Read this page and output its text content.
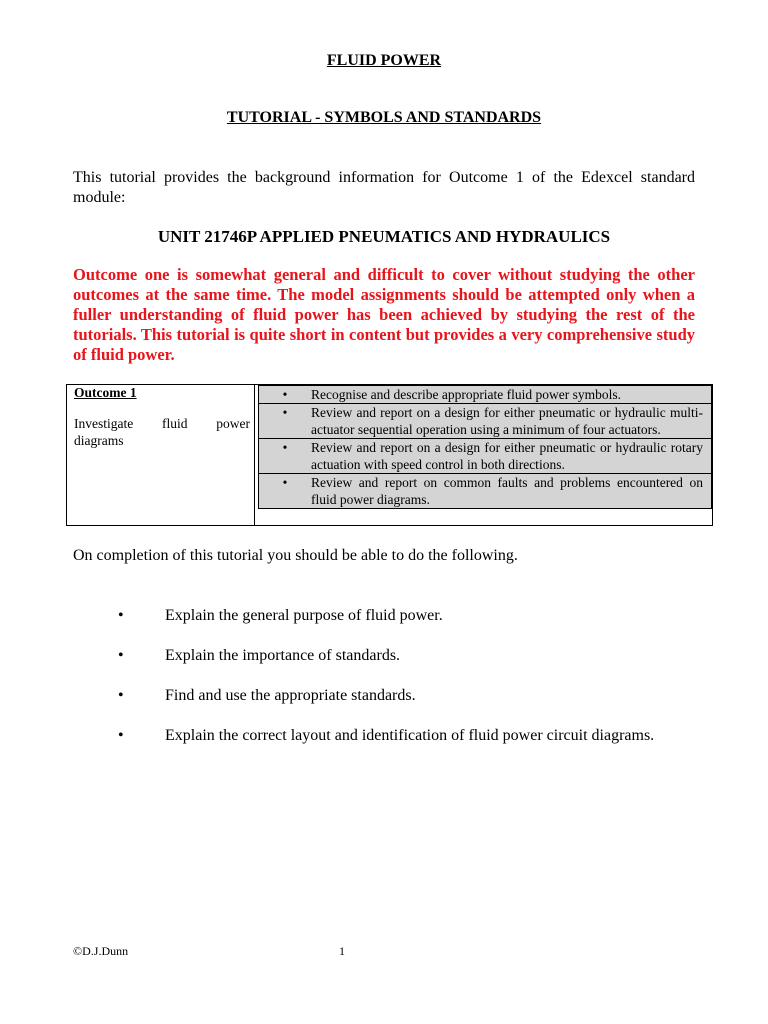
FLUID POWER
TUTORIAL - SYMBOLS AND STANDARDS

This tutorial provides the background information for Outcome 1 of the Edexcel standard module:

UNIT 21746P APPLIED PNEUMATICS AND HYDRAULICS

Outcome one is somewhat general and difficult to cover without studying the other outcomes at the same time. The model assignments should be attempted only when a fuller understanding of fluid power has been achieved by studying the rest of the tutorials. This tutorial is quite short in content but provides a very comprehensive study of fluid power.

Outcome 1
Investigate fluid power diagrams

•	Recognise and describe appropriate fluid power symbols.
•	Review and report on a design for either pneumatic or hydraulic multi-actuator sequential operation using a minimum of four actuators.
•	Review and report on a design for either pneumatic or hydraulic rotary actuation with speed control in both directions.
•	Review and report on common faults and problems encountered on fluid power diagrams.

On completion of this tutorial you should be able to do the following.

•	Explain the general purpose of fluid power.
•	Explain the importance of standards.
•	Find and use the appropriate standards.
•	Explain the correct layout and identification of fluid power circuit diagrams.
©D.J.Dunn	1
